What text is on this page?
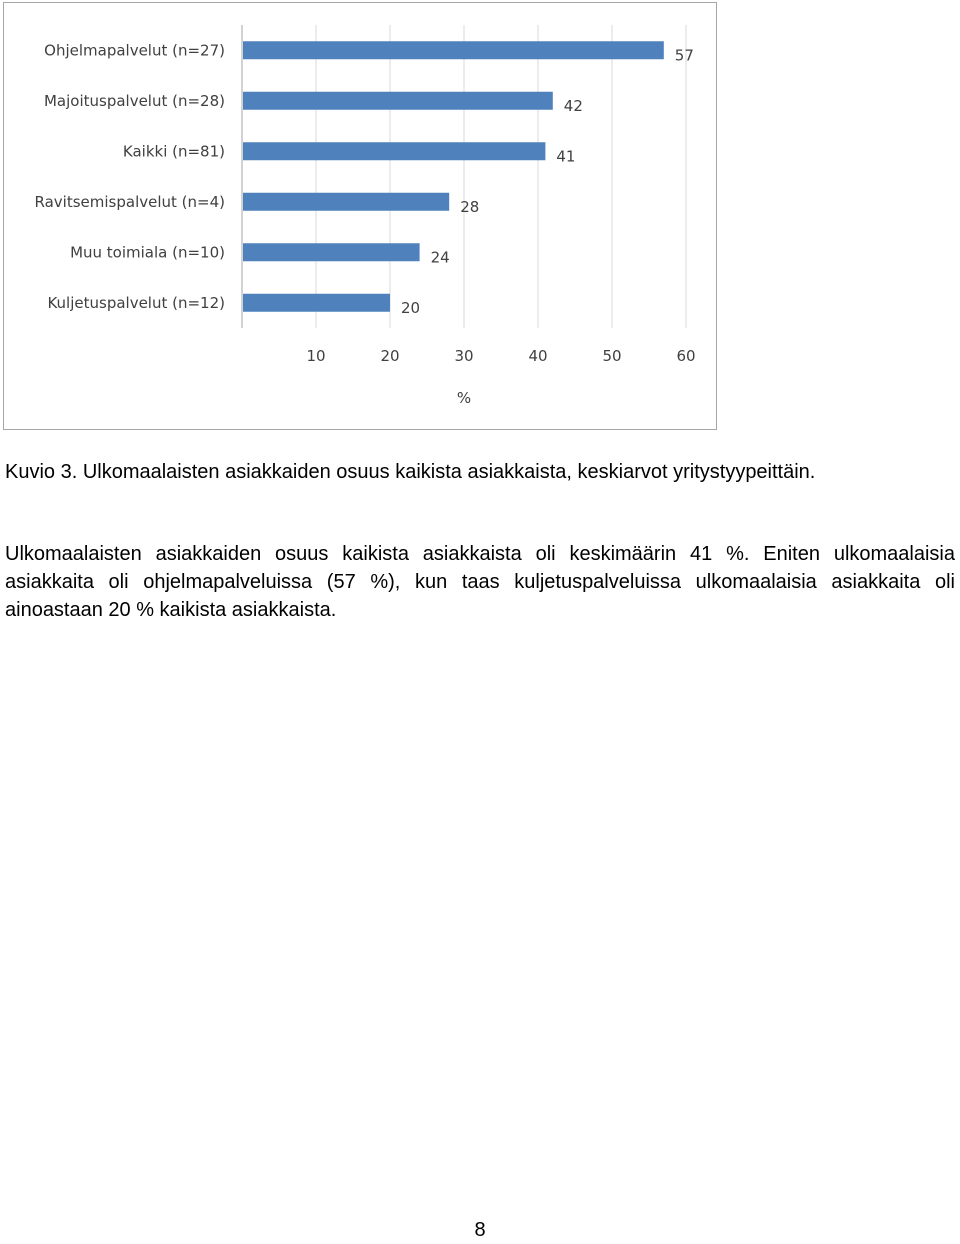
Ohjelmapalvelut (n=27)	57
Majoituspalvelut (n=28)	42
Kaikki (n=81)	41
Ravitsemispalvelut (n=4)	28
Muu toimiala (n=10)	24
Kuljetuspalvelut (n=12)	20
10	20	30	40	50	60
%

Kuvio 3. Ulkomaalaisten asiakkaiden osuus kaikista asiakkaista, keskiarvot yritystyypeittäin.

Ulkomaalaisten asiakkaiden osuus kaikista asiakkaista oli keskimäärin 41 %. Eniten ulkomaalaisia asiakkaita oli ohjelmapalveluissa (57 %), kun taas kuljetuspalveluissa ulkomaalaisia asiakkaita oli ainoastaan 20 % kaikista asiakkaista.

8
